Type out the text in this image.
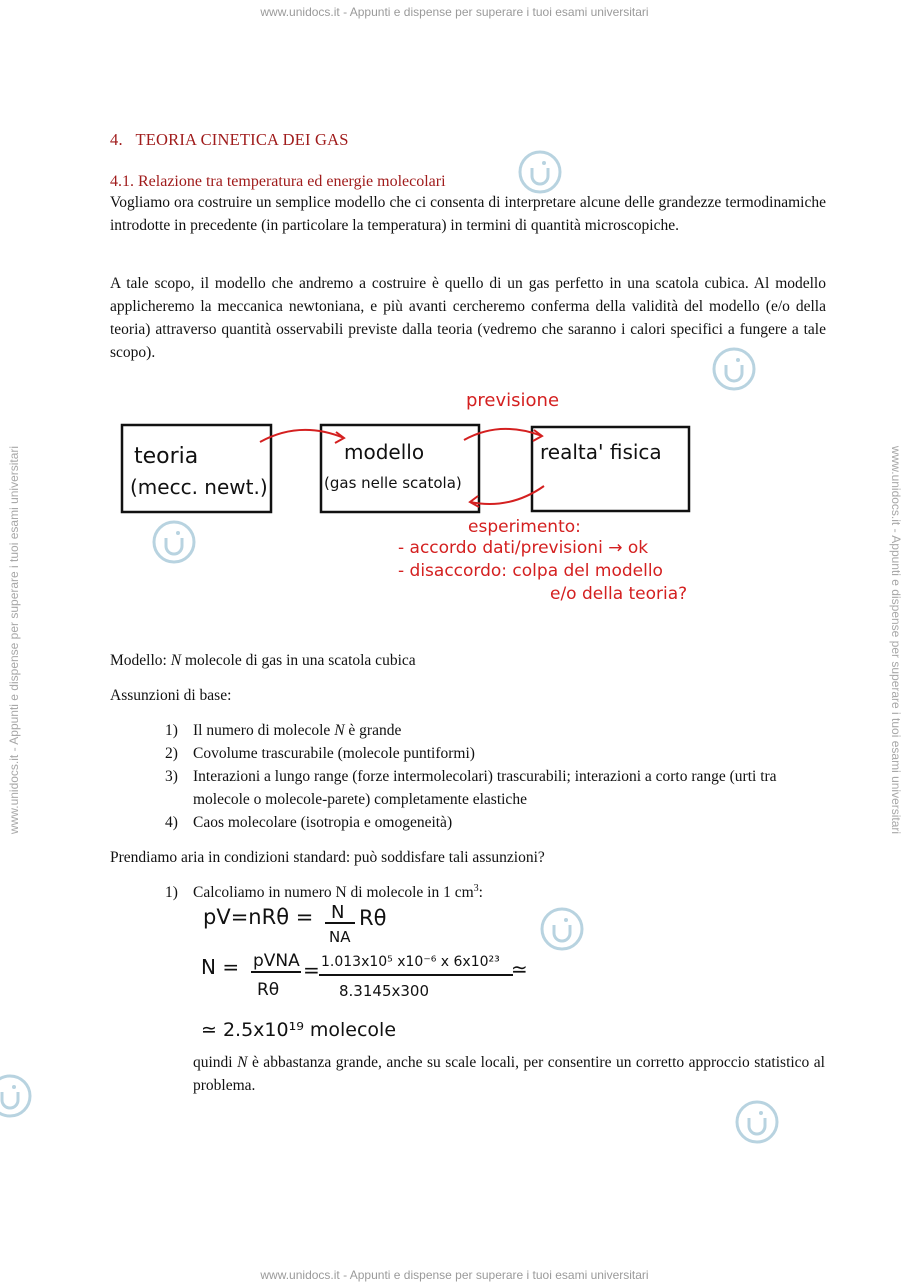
www.unidocs.it - Appunti e dispense per superare i tuoi esami universitari
www.unidocs.it - Appunti e dispense per superare i tuoi esami universitari
www.unidocs.it - Appunti e dispense per superare i tuoi esami universitari	www.unidocs.it - Appunti e dispense per superare i tuoi esami universitari
4. TEORIA CINETICA DEI GAS
4.1. Relazione tra temperatura ed energie molecolari

Vogliamo ora costruire un semplice modello che ci consenta di interpretare alcune delle grandezze termodinamiche introdotte in precedente (in particolare la temperatura) in termini di quantità microscopiche.

A tale scopo, il modello che andremo a costruire è quello di un gas perfetto in una scatola cubica. Al modello applicheremo la meccanica newtoniana, e più avanti cercheremo conferma della validità del modello (e/o della teoria) attraverso quantità osservabili previste dalla teoria (vedremo che saranno i calori specifici a fungere a tale scopo).

teoria
(mecc. newt.)
modello
(gas nelle scatola)
realta' fisica
previsione
esperimento:
- accordo dati/previsioni → ok
- disaccordo: colpa del modello
e/o della teoria?
Modello: N molecole di gas in una scatola cubica
Assunzioni di base:
1) Il numero di molecole N è grande
2) Covolume trascurabile (molecole puntiformi)
3) Interazioni a lungo range (forze intermolecolari) trascurabili; interazioni a corto range (urti tra molecole o molecole-parete) completamente elastiche
4) Caos molecolare (isotropia e omogeneità)
Prendiamo aria in condizioni standard: può soddisfare tali assunzioni?
1) Calcoliamo in numero N di molecole in 1 $cm^3$:
pV=nRθ = N
NA
Rθ
N = pVNA
Rθ
= 1.013x10⁵ x10⁻⁶ x 6x10²³
8.3145x300
≃
≃ 2.5x10¹⁹ molecole

quindi N è abbastanza grande, anche su scale locali, per consentire un corretto approccio statistico al problema.
